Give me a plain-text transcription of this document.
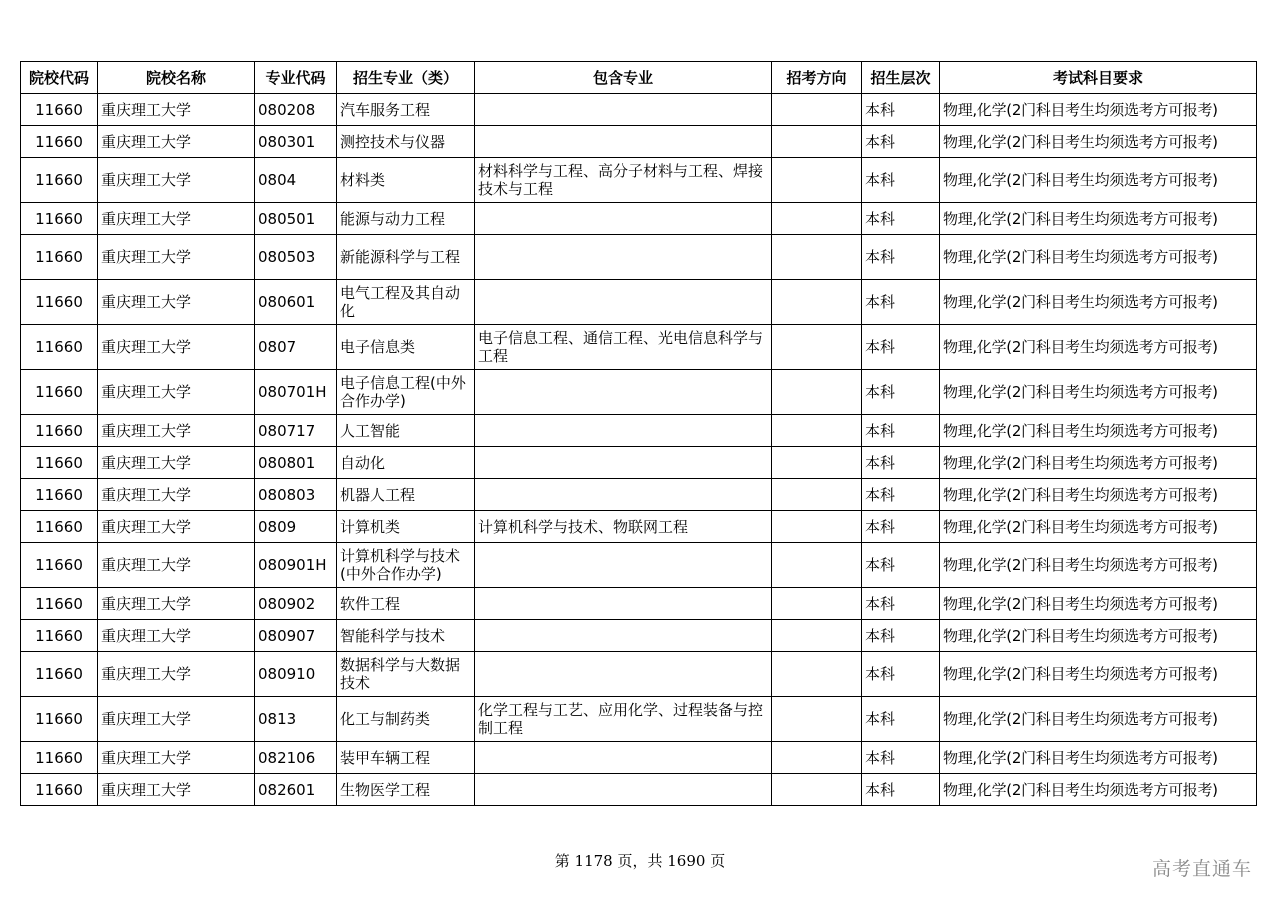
院校代码	院校名称	专业代码	招生专业（类）	包含专业	招考方向	招生层次	考试科目要求
11660	重庆理工大学	080208	汽车服务工程			本科	物理,化学(2门科目考生均须选考方可报考)
11660	重庆理工大学	080301	测控技术与仪器			本科	物理,化学(2门科目考生均须选考方可报考)
11660	重庆理工大学	0804	材料类	材料科学与工程、高分子材料与工程、焊接技术与工程		本科	物理,化学(2门科目考生均须选考方可报考)
11660	重庆理工大学	080501	能源与动力工程			本科	物理,化学(2门科目考生均须选考方可报考)
11660	重庆理工大学	080503	新能源科学与工程			本科	物理,化学(2门科目考生均须选考方可报考)
11660	重庆理工大学	080601	电气工程及其自动化			本科	物理,化学(2门科目考生均须选考方可报考)
11660	重庆理工大学	0807	电子信息类	电子信息工程、通信工程、光电信息科学与工程		本科	物理,化学(2门科目考生均须选考方可报考)
11660	重庆理工大学	080701H	电子信息工程(中外合作办学)			本科	物理,化学(2门科目考生均须选考方可报考)
11660	重庆理工大学	080717	人工智能			本科	物理,化学(2门科目考生均须选考方可报考)
11660	重庆理工大学	080801	自动化			本科	物理,化学(2门科目考生均须选考方可报考)
11660	重庆理工大学	080803	机器人工程			本科	物理,化学(2门科目考生均须选考方可报考)
11660	重庆理工大学	0809	计算机类	计算机科学与技术、物联网工程		本科	物理,化学(2门科目考生均须选考方可报考)
11660	重庆理工大学	080901H	计算机科学与技术(中外合作办学)			本科	物理,化学(2门科目考生均须选考方可报考)
11660	重庆理工大学	080902	软件工程			本科	物理,化学(2门科目考生均须选考方可报考)
11660	重庆理工大学	080907	智能科学与技术			本科	物理,化学(2门科目考生均须选考方可报考)
11660	重庆理工大学	080910	数据科学与大数据技术			本科	物理,化学(2门科目考生均须选考方可报考)
11660	重庆理工大学	0813	化工与制药类	化学工程与工艺、应用化学、过程装备与控制工程		本科	物理,化学(2门科目考生均须选考方可报考)
11660	重庆理工大学	082106	装甲车辆工程			本科	物理,化学(2门科目考生均须选考方可报考)
11660	重庆理工大学	082601	生物医学工程			本科	物理,化学(2门科目考生均须选考方可报考)
第 1178 页，共 1690 页	高考直通车
